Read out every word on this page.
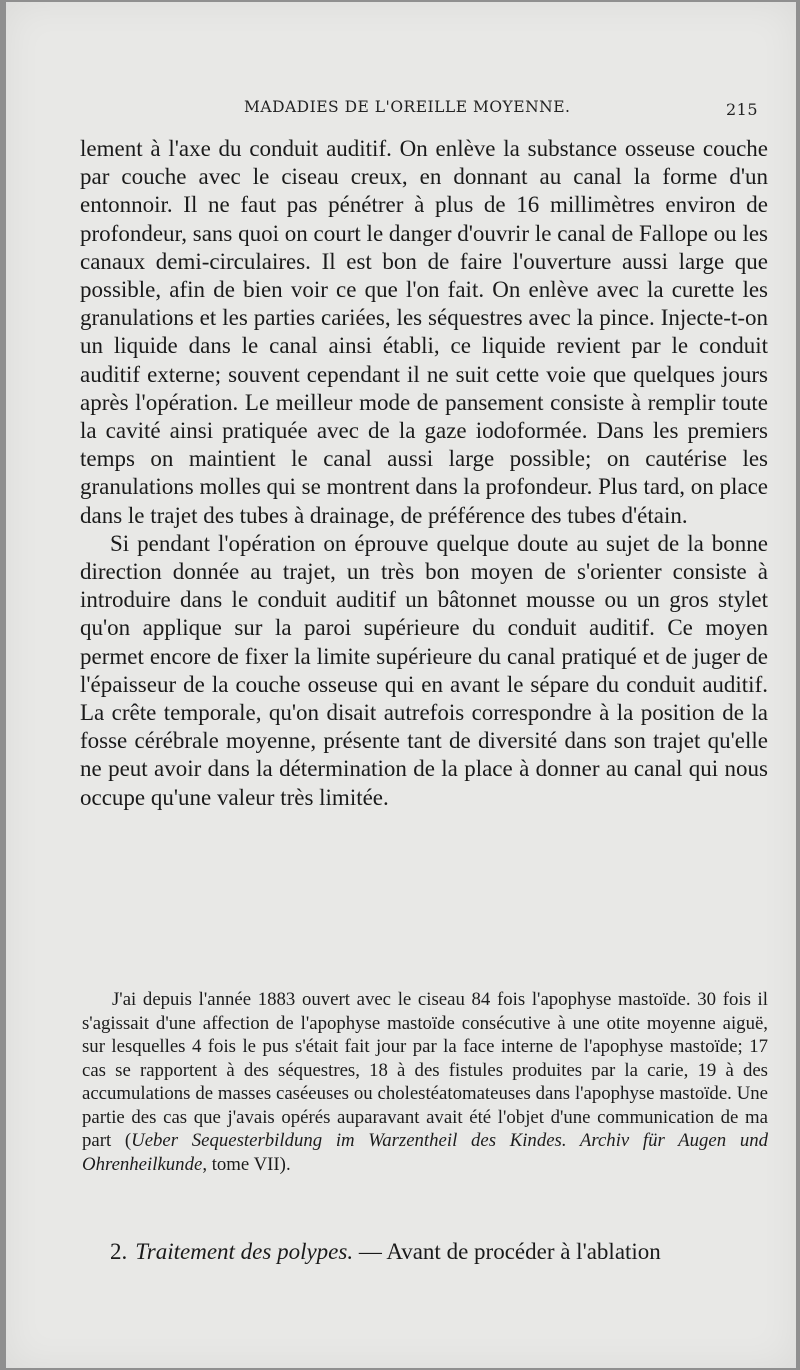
MADADIES DE L'OREILLE MOYENNE.	215

lement à l'axe du conduit auditif. On enlève la substance osseuse couche par couche avec le ciseau creux, en donnant au canal la forme d'un entonnoir. Il ne faut pas pénétrer à plus de 16 millimètres environ de profondeur, sans quoi on court le danger d'ouvrir le canal de Fallope ou les canaux demi-circulaires. Il est bon de faire l'ouverture aussi large que possible, afin de bien voir ce que l'on fait. On enlève avec la curette les granulations et les parties cariées, les séquestres avec la pince. Injecte-t-on un liquide dans le canal ainsi établi, ce liquide revient par le conduit auditif externe; souvent cependant il ne suit cette voie que quelques jours après l'opération. Le meilleur mode de pansement consiste à remplir toute la cavité ainsi pratiquée avec de la gaze iodoformée. Dans les premiers temps on maintient le canal aussi large possible; on cautérise les granulations molles qui se montrent dans la profondeur. Plus tard, on place dans le trajet des tubes à drainage, de préférence des tubes d'étain.

Si pendant l'opération on éprouve quelque doute au sujet de la bonne direction donnée au trajet, un très bon moyen de s'orienter consiste à introduire dans le conduit auditif un bâtonnet mousse ou un gros stylet qu'on applique sur la paroi supérieure du conduit auditif. Ce moyen permet encore de fixer la limite supérieure du canal pratiqué et de juger de l'épaisseur de la couche osseuse qui en avant le sépare du conduit auditif. La crête temporale, qu'on disait autrefois correspondre à la position de la fosse cérébrale moyenne, présente tant de diversité dans son trajet qu'elle ne peut avoir dans la détermination de la place à donner au canal qui nous occupe qu'une valeur très limitée.

J'ai depuis l'année 1883 ouvert avec le ciseau 84 fois l'apophyse mastoïde. 30 fois il s'agissait d'une affection de l'apophyse mastoïde consécutive à une otite moyenne aiguë, sur lesquelles 4 fois le pus s'était fait jour par la face interne de l'apophyse mastoïde; 17 cas se rapportent à des séquestres, 18 à des fistules produites par la carie, 19 à des accumulations de masses caséeuses ou cholestéatomateuses dans l'apophyse mastoïde. Une partie des cas que j'avais opérés auparavant avait été l'objet d'une communication de ma part (Ueber Sequesterbildung im Warzentheil des Kindes. Archiv für Augen und Ohrenheilkunde, tome VII).
2. Traitement des polypes. — Avant de procéder à l'ablation
